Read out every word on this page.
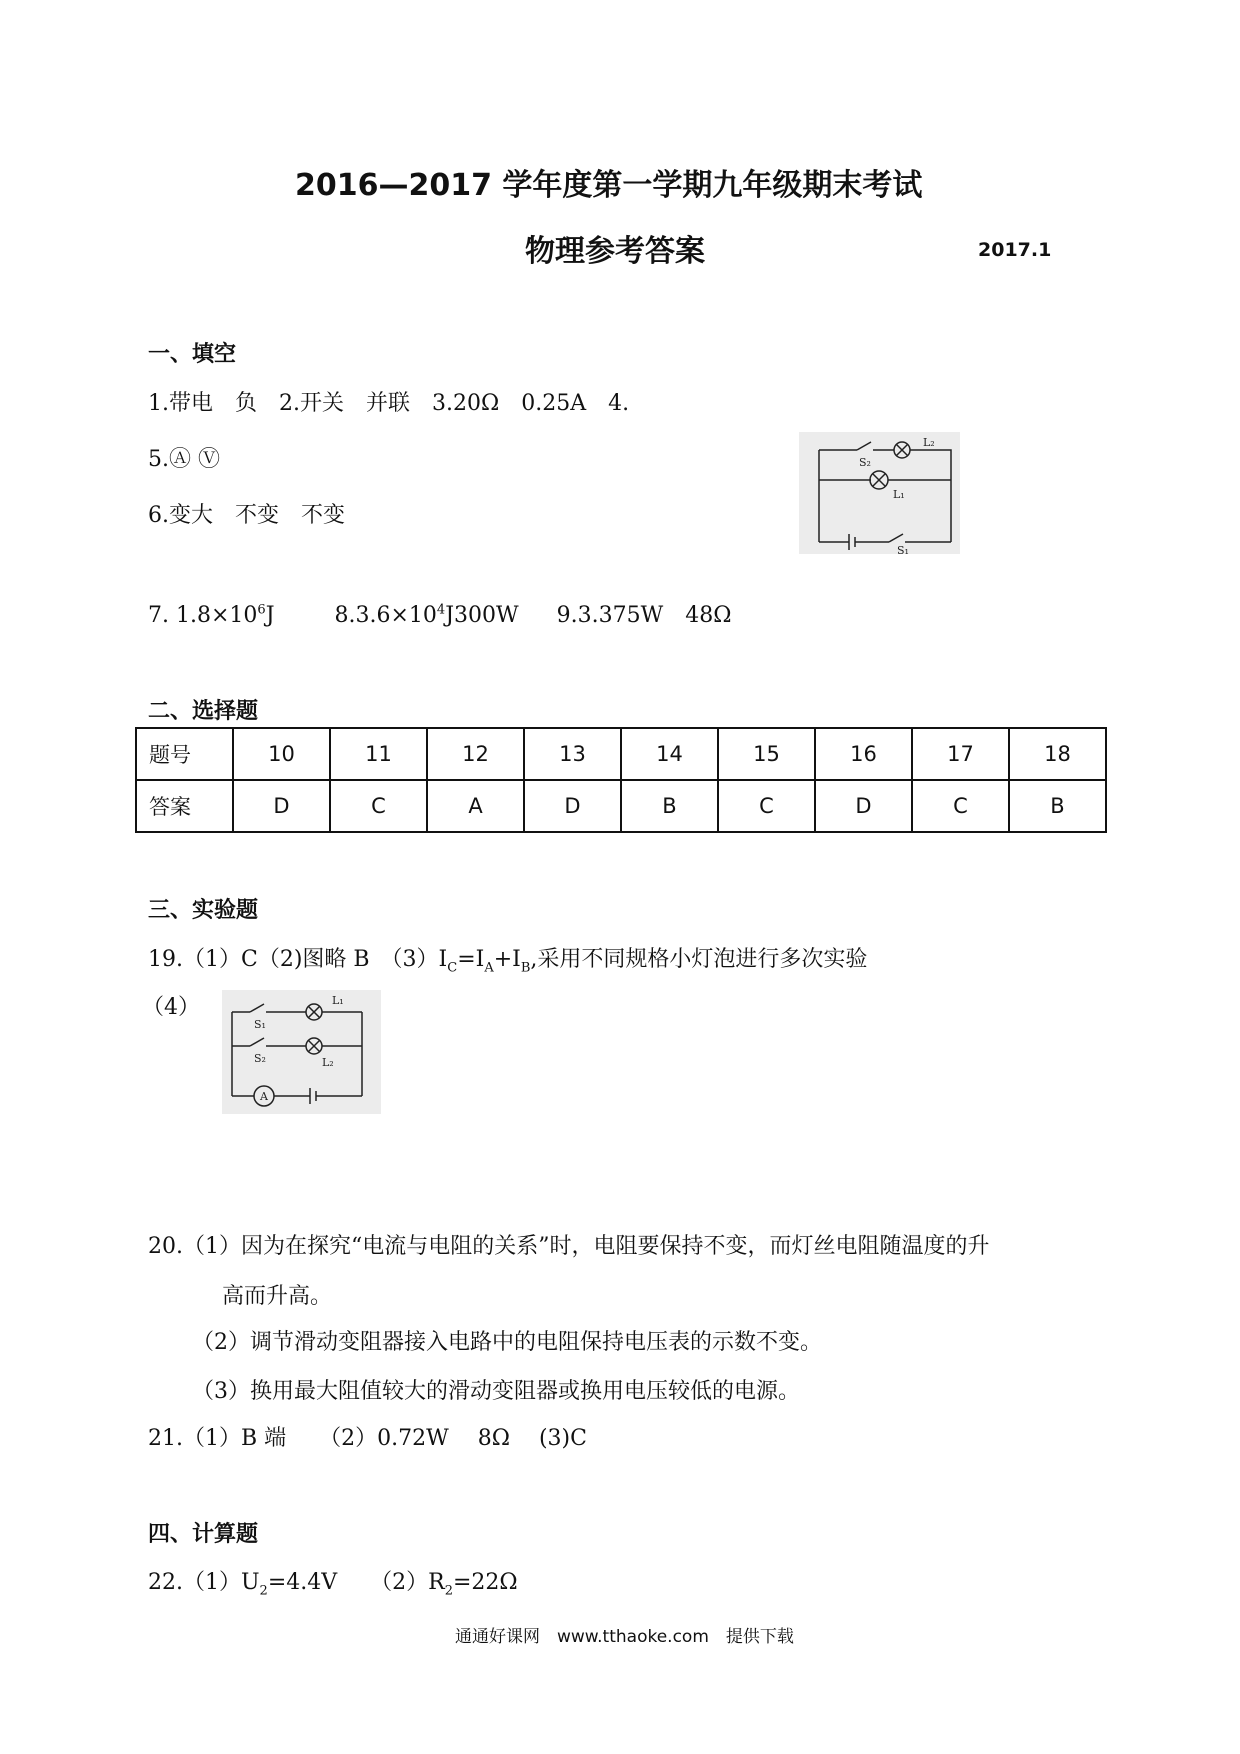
2016—2017 学年度第一学期九年级期末考试
物理参考答案	2017.1
一、填空
1.带电　负　2.开关　并联　3.20Ω　0.25A　4.
5.Ⓐ Ⓥ
6.变大　不变　不变
7. $1.8\times 10^6J$	$8.3.6\times 10^4J300W$ 9.3.375W　48Ω
S₂
L₂
L₁
S₁
二、选择题
题号	10	11	12	13	14	15	16	17	18
答案	D	C	A	D	B	C	D	C	B
三、实验题
19.（1）C（2)图略 B　$(3)I_C=I_A+I_B$,采用不同规格小灯泡进行多次实验
（4）
S₁
L₁
S₂	L₂
A
20.（1）因为在探究“电流与电阻的关系”时，电阻要保持不变，而灯丝电阻随温度的升
高而升高。
（2）调节滑动变阻器接入电路中的电阻保持电压表的示数不变。
（3）换用最大阻值较大的滑动变阻器或换用电压较低的电源。
21.（1）B 端　　（2）0.72W　 8Ω　 (3)C
四、计算题
$22.(1)U_2=4.4V$　　$(2)R_2=22\Omega$
通通好课网　www.tthaoke.com　提供下载
